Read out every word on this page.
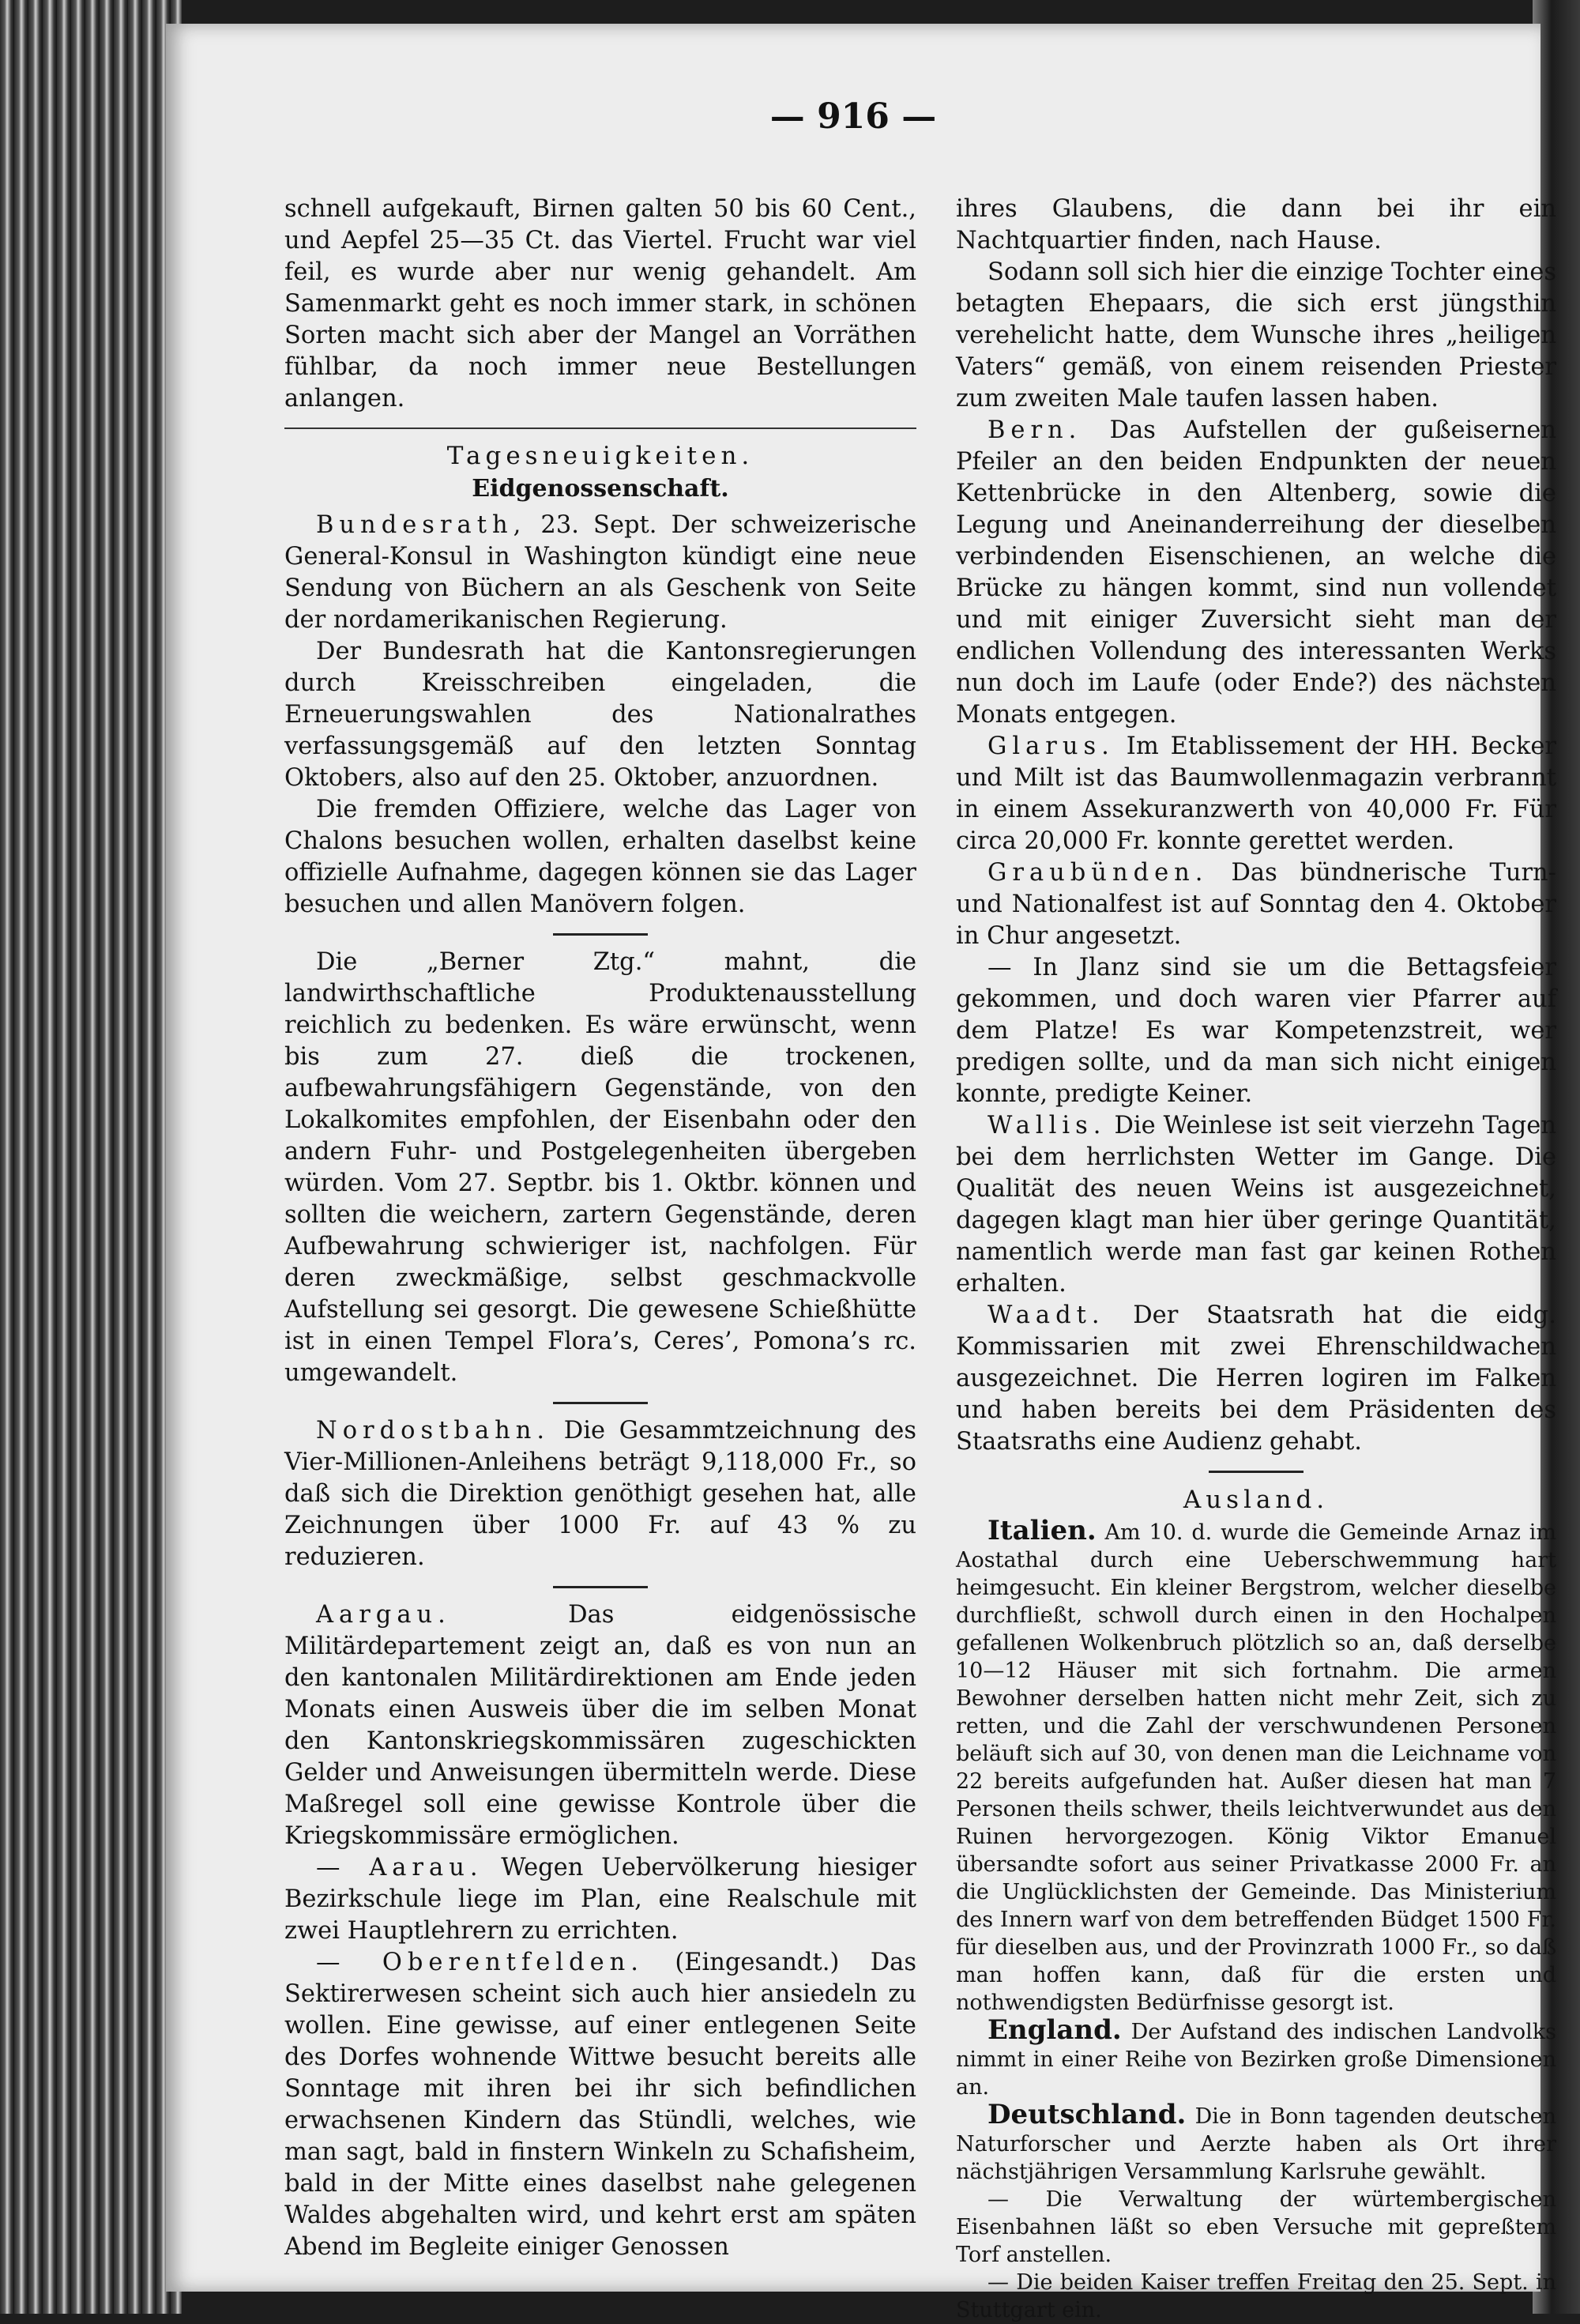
— 916 —

schnell aufgekauft, Birnen galten 50 bis 60 Cent., und Aepfel 25—35 Ct. das Viertel. Frucht war viel feil, es wurde aber nur wenig gehandelt. Am Samenmarkt geht es noch immer stark, in schönen Sorten macht sich aber der Mangel an Vorräthen fühlbar, da noch immer neue Bestellungen anlangen.

Tagesneuigkeiten.
Eidgenossenschaft.

Bundesrath, 23. Sept. Der schweizerische General-Konsul in Washington kündigt eine neue Sendung von Büchern an als Geschenk von Seite der nordamerikanischen Regierung.

Der Bundesrath hat die Kantonsregierungen durch Kreisschreiben eingeladen, die Erneuerungswahlen des Nationalrathes verfassungsgemäß auf den letzten Sonntag Oktobers, also auf den 25. Oktober, anzuordnen.

Die fremden Offiziere, welche das Lager von Chalons besuchen wollen, erhalten daselbst keine offizielle Aufnahme, dagegen können sie das Lager besuchen und allen Manövern folgen.

Die „Berner Ztg.“ mahnt, die landwirthschaftliche Produktenausstellung reichlich zu bedenken. Es wäre erwünscht, wenn bis zum 27. dieß die trockenen, aufbewahrungsfähigern Gegenstände, von den Lokalkomites empfohlen, der Eisenbahn oder den andern Fuhr- und Postgelegenheiten übergeben würden. Vom 27. Septbr. bis 1. Oktbr. können und sollten die weichern, zartern Gegenstände, deren Aufbewahrung schwieriger ist, nachfolgen. Für deren zweckmäßige, selbst geschmackvolle Aufstellung sei gesorgt. Die gewesene Schießhütte ist in einen Tempel Flora’s, Ceres’, Pomona’s rc. umgewandelt.

Nordostbahn. Die Gesammtzeichnung des Vier-Millionen-Anleihens beträgt 9,118,000 Fr., so daß sich die Direktion genöthigt gesehen hat, alle Zeichnungen über 1000 Fr. auf 43 % zu reduzieren.

Aargau. Das eidgenössische Militärdepartement zeigt an, daß es von nun an den kantonalen Militärdirektionen am Ende jeden Monats einen Ausweis über die im selben Monat den Kantonskriegskommissären zugeschickten Gelder und Anweisungen übermitteln werde. Diese Maßregel soll eine gewisse Kontrole über die Kriegskommissäre ermöglichen.

— Aarau. Wegen Uebervölkerung hiesiger Bezirkschule liege im Plan, eine Realschule mit zwei Hauptlehrern zu errichten.

— Oberentfelden. (Eingesandt.) Das Sektirerwesen scheint sich auch hier ansiedeln zu wollen. Eine gewisse, auf einer entlegenen Seite des Dorfes wohnende Wittwe besucht bereits alle Sonntage mit ihren bei ihr sich befindlichen erwachsenen Kindern das Stündli, welches, wie man sagt, bald in finstern Winkeln zu Schafisheim, bald in der Mitte eines daselbst nahe gelegenen Waldes abgehalten wird, und kehrt erst am späten Abend im Begleite einiger Genossen

ihres Glaubens, die dann bei ihr ein Nachtquartier finden, nach Hause.

Sodann soll sich hier die einzige Tochter eines betagten Ehepaars, die sich erst jüngsthin verehelicht hatte, dem Wunsche ihres „heiligen Vaters“ gemäß, von einem reisenden Priester zum zweiten Male taufen lassen haben.

Bern. Das Aufstellen der gußeisernen Pfeiler an den beiden Endpunkten der neuen Kettenbrücke in den Altenberg, sowie die Legung und Aneinanderreihung der dieselben verbindenden Eisenschienen, an welche die Brücke zu hängen kommt, sind nun vollendet und mit einiger Zuversicht sieht man der endlichen Vollendung des interessanten Werks nun doch im Laufe (oder Ende?) des nächsten Monats entgegen.

Glarus. Im Etablissement der HH. Becker und Milt ist das Baumwollenmagazin verbrannt in einem Assekuranzwerth von 40,000 Fr. Für circa 20,000 Fr. konnte gerettet werden.

Graubünden. Das bündnerische Turn- und Nationalfest ist auf Sonntag den 4. Oktober in Chur angesetzt.

— In Jlanz sind sie um die Bettagsfeier gekommen, und doch waren vier Pfarrer auf dem Platze! Es war Kompetenzstreit, wer predigen sollte, und da man sich nicht einigen konnte, predigte Keiner.

Wallis. Die Weinlese ist seit vierzehn Tagen bei dem herrlichsten Wetter im Gange. Die Qualität des neuen Weins ist ausgezeichnet, dagegen klagt man hier über geringe Quantität, namentlich werde man fast gar keinen Rothen erhalten.

Waadt. Der Staatsrath hat die eidg. Kommissarien mit zwei Ehrenschildwachen ausgezeichnet. Die Herren logiren im Falken und haben bereits bei dem Präsidenten des Staatsraths eine Audienz gehabt.

Ausland.

Italien. Am 10. d. wurde die Gemeinde Arnaz im Aostathal durch eine Ueberschwemmung hart heimgesucht. Ein kleiner Bergstrom, welcher dieselbe durchfließt, schwoll durch einen in den Hochalpen gefallenen Wolkenbruch plötzlich so an, daß derselbe 10—12 Häuser mit sich fortnahm. Die armen Bewohner derselben hatten nicht mehr Zeit, sich zu retten, und die Zahl der verschwundenen Personen beläuft sich auf 30, von denen man die Leichname von 22 bereits aufgefunden hat. Außer diesen hat man 7 Personen theils schwer, theils leichtverwundet aus den Ruinen hervorgezogen. König Viktor Emanuel übersandte sofort aus seiner Privatkasse 2000 Fr. an die Unglücklichsten der Gemeinde. Das Ministerium des Innern warf von dem betreffenden Büdget 1500 Fr. für dieselben aus, und der Provinzrath 1000 Fr., so daß man hoffen kann, daß für die ersten und nothwendigsten Bedürfnisse gesorgt ist.

England. Der Aufstand des indischen Landvolks nimmt in einer Reihe von Bezirken große Dimensionen an.

Deutschland. Die in Bonn tagenden deutschen Naturforscher und Aerzte haben als Ort ihrer nächstjährigen Versammlung Karlsruhe gewählt.

— Die Verwaltung der würtembergischen Eisenbahnen läßt so eben Versuche mit gepreßtem Torf anstellen.

— Die beiden Kaiser treffen Freitag den 25. Sept. in Stuttgart ein.
